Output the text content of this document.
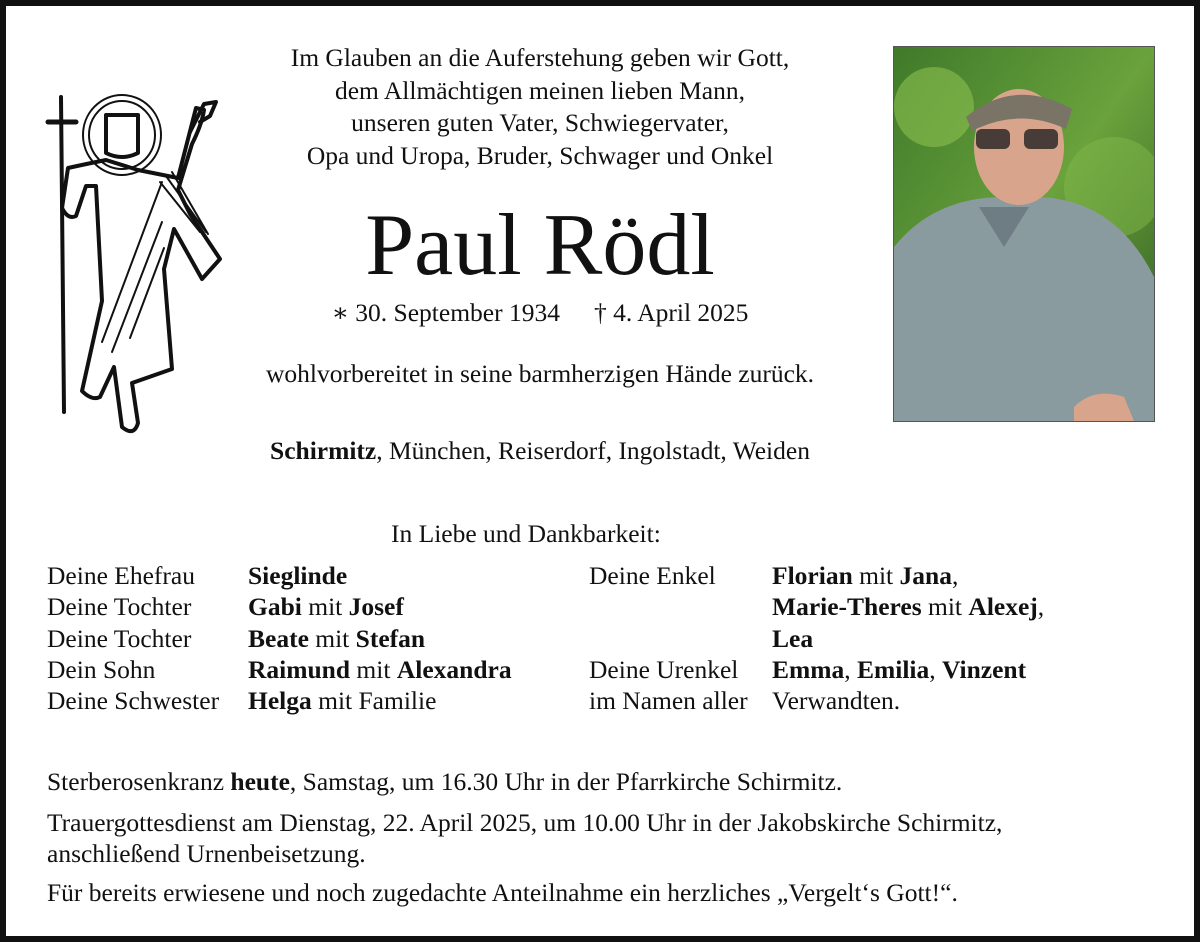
Im Glauben an die Auferstehung geben wir Gott,
dem Allmächtigen meinen lieben Mann,
unseren guten Vater, Schwiegervater,
Opa und Uropa, Bruder, Schwager und Onkel
Paul Rödl
∗ 30. September 1934 † 4. April 2025
wohlvorbereitet in seine barmherzigen Hände zurück.
Schirmitz, München, Reiserdorf, Ingolstadt, Weiden
In Liebe und Dankbarkeit:
Deine Ehefrau
Deine Tochter
Deine Tochter
Dein Sohn
Deine Schwester
Sieglinde
Gabi mit Josef
Beate mit Stefan
Raimund mit Alexandra
Helga mit Familie
Deine Enkel
Deine Urenkel
im Namen aller
Florian mit Jana,
Marie-Theres mit Alexej,
Lea
Emma, Emilia, Vinzent
Verwandten.
Sterberosenkranz heute, Samstag, um 16.30 Uhr in der Pfarrkirche Schirmitz.
Trauergottesdienst am Dienstag, 22. April 2025, um 10.00 Uhr in der Jakobskirche Schirmitz,
anschließend Urnenbeisetzung.
Für bereits erwiesene und noch zugedachte Anteilnahme ein herzliches „Vergelt‘s Gott!“.
